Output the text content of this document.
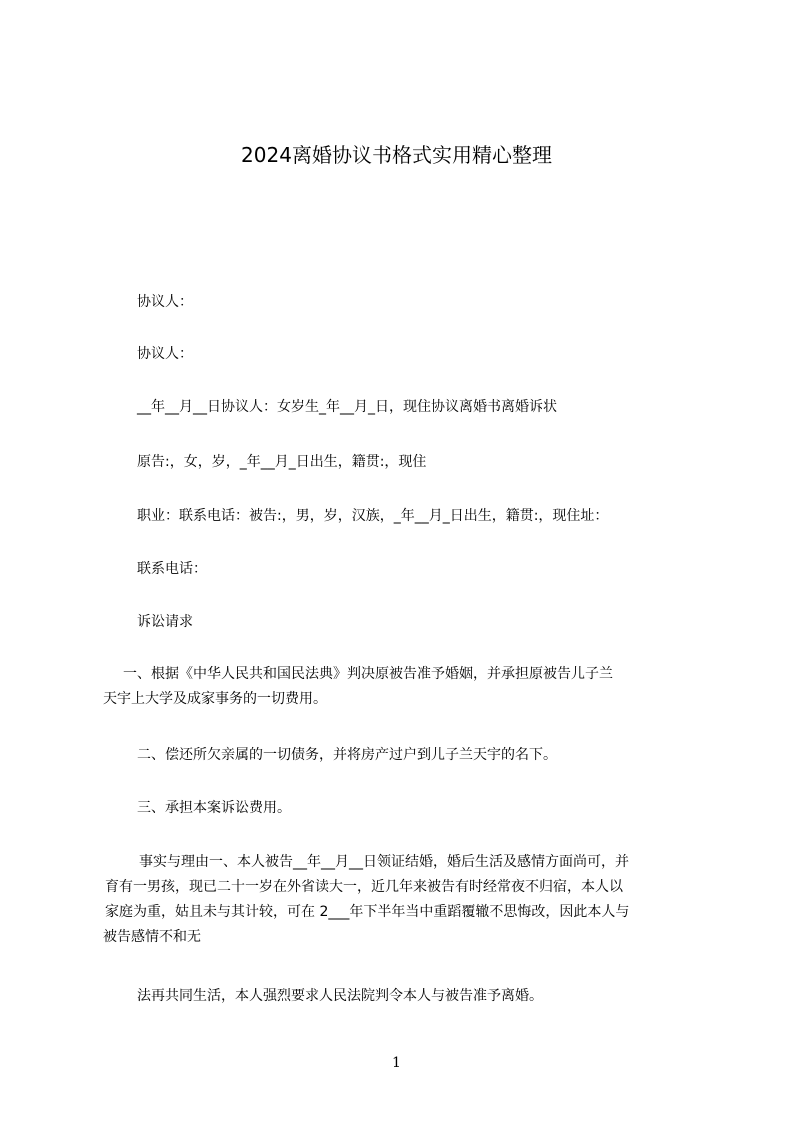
2024离婚协议书格式实用精心整理
协议人：
协议人：
__年__月__日协议人：女岁生_年__月_日，现住协议离婚书离婚诉状
原告:，女，岁，_年__月_日出生，籍贯:，现住
职业：联系电话：被告:，男，岁，汉族，_年__月_日出生，籍贯:，现住址：
联系电话：
诉讼请求
一、根据《中华人民共和国民法典》判决原被告准予婚姻，并承担原被告儿子兰
天宇上大学及成家事务的一切费用。
二、偿还所欠亲属的一切债务，并将房产过户到儿子兰天宇的名下。
三、承担本案诉讼费用。
事实与理由一、本人被告__年__月__日领证结婚，婚后生活及感情方面尚可，并
育有一男孩，现已二十一岁在外省读大一，近几年来被告有时经常夜不归宿，本人以
家庭为重，姑且未与其计较，可在 2___年下半年当中重蹈覆辙不思悔改，因此本人与
被告感情不和无
法再共同生活，本人强烈要求人民法院判令本人与被告准予离婚。
1
